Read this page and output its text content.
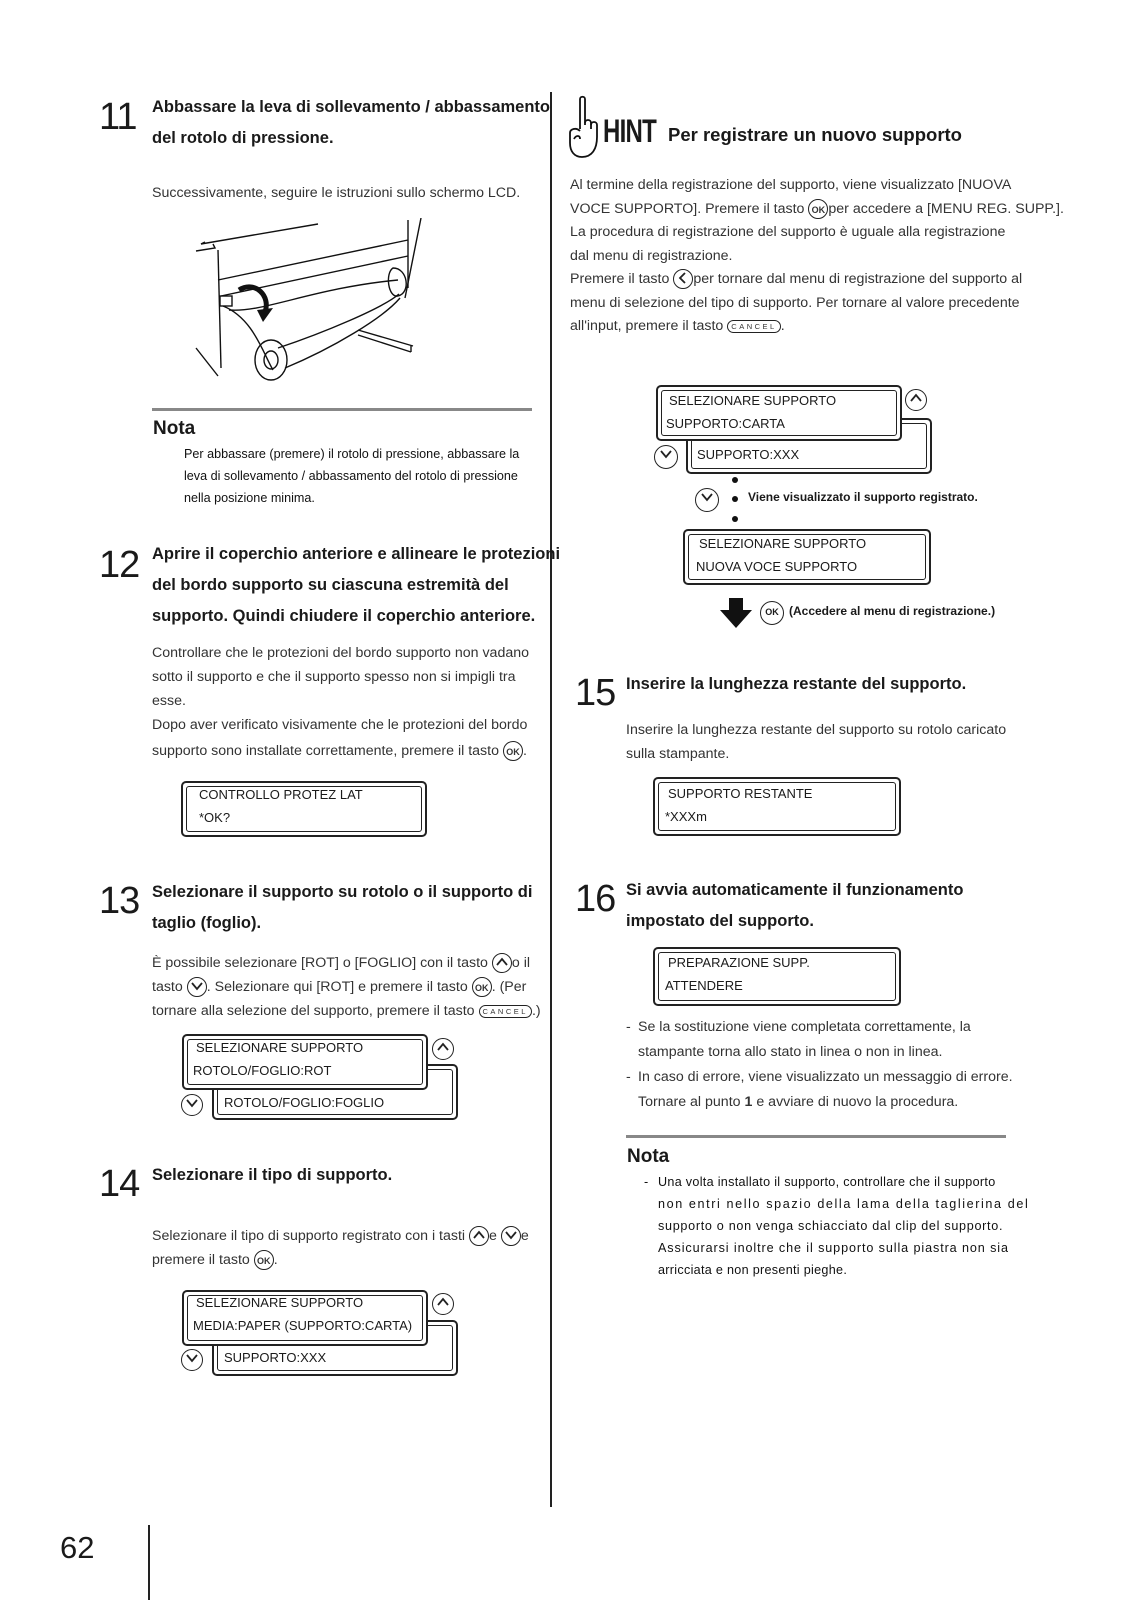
62
11 Abbassare la leva di sollevamento / abbassamento
del rotolo di pressione.
Successivamente, seguire le istruzioni sullo schermo LCD.
Nota
Per abbassare (premere) il rotolo di pressione, abbassare la
leva di sollevamento / abbassamento del rotolo di pressione
nella posizione minima.
12 Aprire il coperchio anteriore e allineare le protezioni
del bordo supporto su ciascuna estremità del
supporto. Quindi chiudere il coperchio anteriore.
Controllare che le protezioni del bordo supporto non vadano
sotto il supporto e che il supporto spesso non si impigli tra
esse.
Dopo aver verificato visivamente che le protezioni del bordo
supporto sono installate correttamente, premere il tasto OK .
CONTROLLO PROTEZ LAT
*OK?
13 Selezionare il supporto su rotolo o il supporto di
taglio (foglio).
È possibile selezionare [ROT] o [FOGLIO] con il tasto o il
tasto . Selezionare qui [ROT] e premere il tasto OK . (Per
tornare alla selezione del supporto, premere il tasto CANCEL .)
SELEZIONARE SUPPORTO
ROTOLO/FOGLIO:ROT
ROTOLO/FOGLIO:FOGLIO
14 Selezionare il tipo di supporto.
Selezionare il tipo di supporto registrato con i tasti e e
premere il tasto OK .
SELEZIONARE SUPPORTO
MEDIA:PAPER (SUPPORTO:CARTA)
SUPPORTO:XXX
HINT Per registrare un nuovo supporto
Al termine della registrazione del supporto, viene visualizzato [NUOVA
VOCE SUPPORTO]. Premere il tasto OK per accedere a [MENU REG. SUPP.].
La procedura di registrazione del supporto è uguale alla registrazione
dal menu di registrazione.
Premere il tasto per tornare dal menu di registrazione del supporto al
menu di selezione del tipo di supporto. Per tornare al valore precedente
all'input, premere il tasto CANCEL .
SELEZIONARE SUPPORTO
SUPPORTO:CARTA
SUPPORTO:XXX
Viene visualizzato il supporto registrato.
SELEZIONARE SUPPORTO
NUOVA VOCE SUPPORTO
OK (Accedere al menu di registrazione.)
15 Inserire la lunghezza restante del supporto.
Inserire la lunghezza restante del supporto su rotolo caricato
sulla stampante.
SUPPORTO RESTANTE
*XXXm
16 Si avvia automaticamente il funzionamento
impostato del supporto.
PREPARAZIONE SUPP.
ATTENDERE
- Se la sostituzione viene completata correttamente, la
stampante torna allo stato in linea o non in linea.
- In caso di errore, viene visualizzato un messaggio di errore.
Tornare al punto 1 e avviare di nuovo la procedura.
Nota
- Una volta installato il supporto, controllare che il supporto
non entri nello spazio della lama della taglierina del
supporto o non venga schiacciato dal clip del supporto.
Assicurarsi inoltre che il supporto sulla piastra non sia
arricciata e non presenti pieghe.
